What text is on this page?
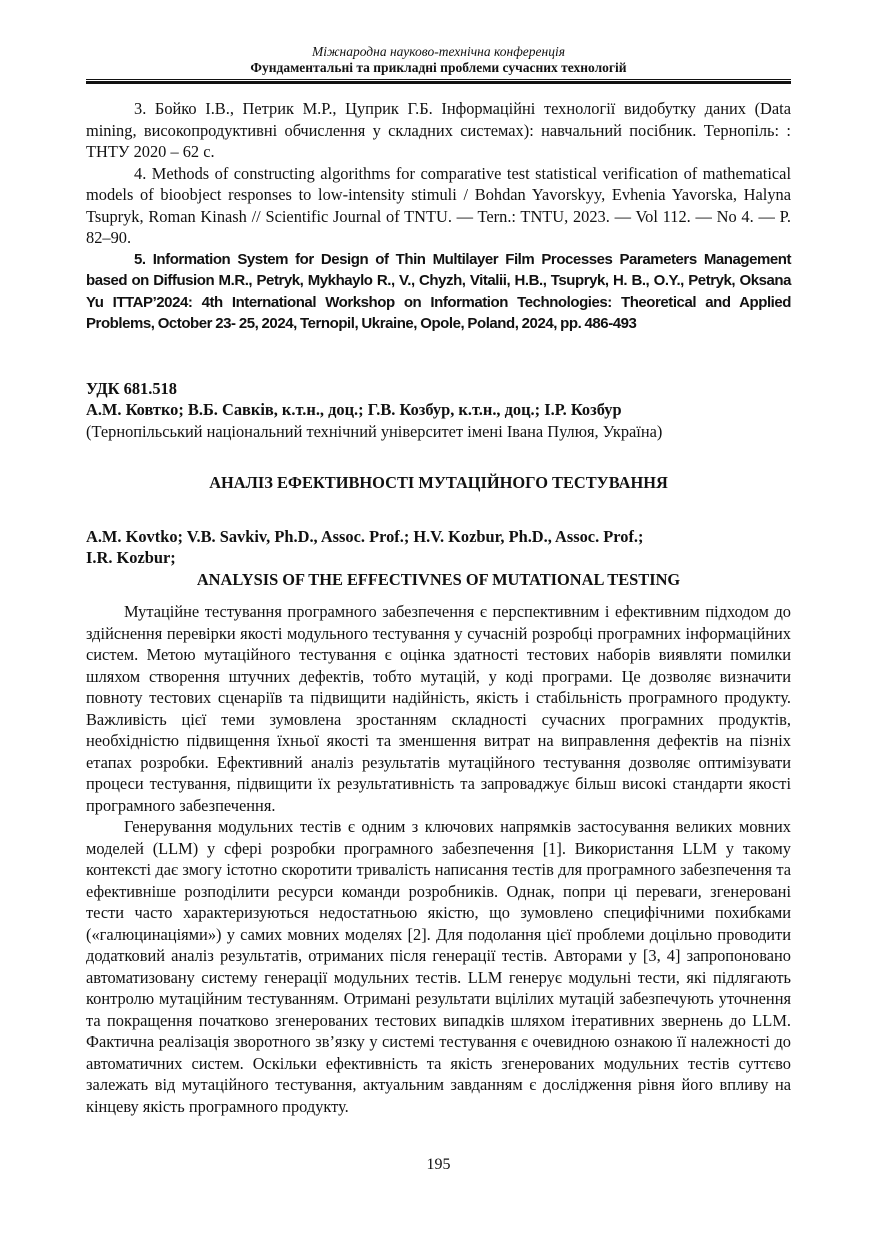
Міжнародна науково-технічна конференція
Фундаментальні та прикладні проблеми сучасних технологій

3. Бойко І.В., Петрик М.Р., Цуприк Г.Б. Інформаційні технології видобутку даних (Data mining, високопродуктивні обчислення у складних системах): навчальний посібник. Тернопіль: : ТНТУ 2020 – 62 с.

4. Methods of constructing algorithms for comparative test statistical verification of mathematical models of bioobject responses to low-intensity stimuli / Bohdan Yavorskyy, Evhenia Yavorska, Halyna Tsupryk, Roman Kinash // Scientific Journal of TNTU. — Tern.: TNTU, 2023. — Vol 112. — No 4. — P. 82–90.

5. Information System for Design of Thin Multilayer Film Processes Parameters Management based on Diffusion M.R., Petryk, Mykhaylo R., V., Chyzh, Vitalii, H.B., Tsupryk, H. B., O.Y., Petryk, Oksana Yu ITTAP’2024: 4th International Workshop on Information Technologies: Theoretical and Applied Problems, October 23- 25, 2024, Ternopil, Ukraine, Opole, Poland, 2024, pp. 486-493

УДК 681.518

А.М. Ковтко; В.Б. Савків, к.т.н., доц.; Г.В. Козбур, к.т.н., доц.; І.Р. Козбур

(Тернопільський національний технічний університет імені Івана Пулюя, Україна)

АНАЛІЗ ЕФЕКТИВНОСТІ МУТАЦІЙНОГО ТЕСТУВАННЯ

A.M. Kovtko; V.B. Savkiv, Ph.D., Assoc. Prof.; H.V. Kozbur, Ph.D., Assoc. Prof.;
I.R. Kozbur;

ANALYSIS OF THE EFFECTIVNES OF MUTATIONAL TESTING

Мутаційне тестування програмного забезпечення є перспективним і ефективним підходом до здійснення перевірки якості модульного тестування у сучасній розробці програмних інформаційних систем. Метою мутаційного тестування є оцінка здатності тестових наборів виявляти помилки шляхом створення штучних дефектів, тобто мутацій, у коді програми. Це дозволяє визначити повноту тестових сценаріїв та підвищити надійність, якість і стабільність програмного продукту. Важливість цієї теми зумовлена зростанням складності сучасних програмних продуктів, необхідністю підвищення їхньої якості та зменшення витрат на виправлення дефектів на пізніх етапах розробки. Ефективний аналіз результатів мутаційного тестування дозволяє оптимізувати процеси тестування, підвищити їх результативність та запроваджує більш високі стандарти якості програмного забезпечення.

Генерування модульних тестів є одним з ключових напрямків застосування великих мовних моделей (LLM) у сфері розробки програмного забезпечення [1]. Використання LLM у такому контексті дає змогу істотно скоротити тривалість написання тестів для програмного забезпечення та ефективніше розподілити ресурси команди розробників. Однак, попри ці переваги, згенеровані тести часто характеризуються недостатньою якістю, що зумовлено специфічними похибками («галюцинаціями») у самих мовних моделях [2]. Для подолання цієї проблеми доцільно проводити додатковий аналіз результатів, отриманих після генерації тестів. Авторами у [3, 4] запропоновано автоматизовану систему генерації модульних тестів. LLM генерує модульні тести, які підлягають контролю мутаційним тестуванням. Отримані результати вцілілих мутацій забезпечують уточнення та покращення початково згенерованих тестових випадків шляхом ітеративних звернень до LLM. Фактична реалізація зворотного зв’язку у системі тестування є очевидною ознакою її належності до автоматичних систем. Оскільки ефективність та якість згенерованих модульних тестів суттєво залежать від мутаційного тестування, актуальним завданням є дослідження рівня його впливу на кінцеву якість програмного продукту.

195
